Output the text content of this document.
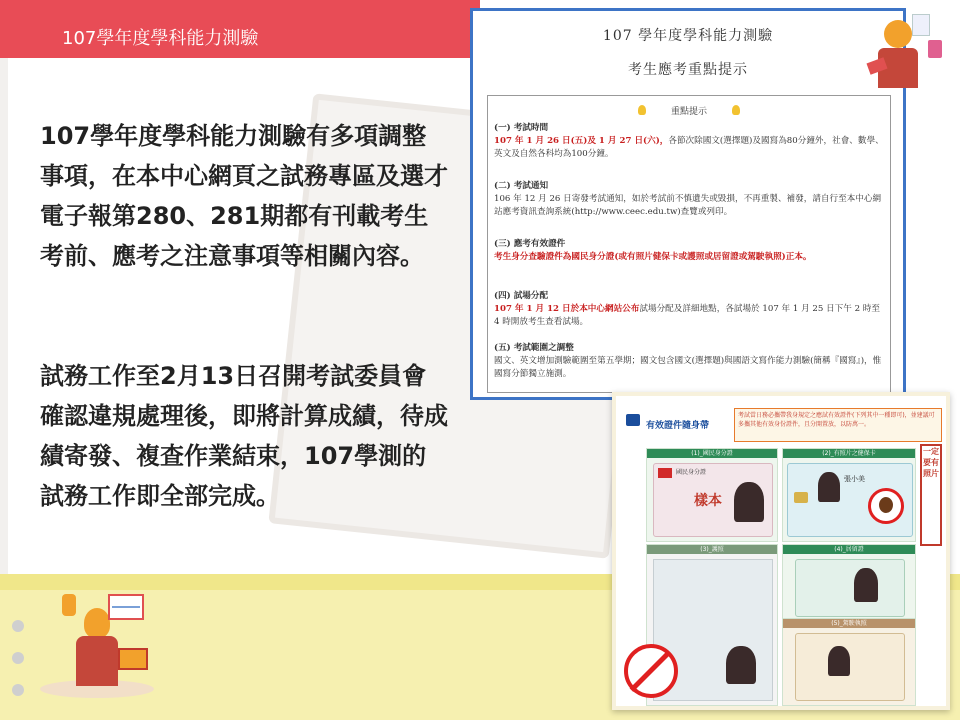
107學年度學科能力測驗
107學年度學科能力測驗有多項調整事項，在本中心網頁之試務專區及選才電子報第280、281期都有刊載考生考前、應考之注意事項等相關內容。
試務工作至2月13日召開考試委員會確認違規處理後，即將計算成績，待成績寄發、複查作業結束，107學測的試務工作即全部完成。
107 學年度學科能力測驗
考生應考重點提示
重點提示
(一) 考試時間
107 年 1 月 26 日(五)及 1 月 27 日(六)，各節次除國文(選擇題)及國寫為80分鐘外，社會、數學、英文及自然各科均為100分鐘。
(二) 考試通知
106 年 12 月 26 日寄發考試通知，如於考試前不慎遺失或毀損，不再重製、補發，請自行至本中心網站應考資訊查詢系統(http://www.ceec.edu.tw)查覽或列印。
(三) 應考有效證件
考生身分查驗證件為國民身分證(或有照片健保卡或護照或居留證或駕駛執照)正本。
(四) 試場分配
107 年 1 月 12 日於本中心網站公布試場分配及詳細地點，各試場於 107 年 1 月 25 日下午 2 時至 4 時開放考生查看試場。
(五) 考試範圍之調整
國文、英文增加測驗範圍至第五學期；國文包含國文(選擇題)與國語文寫作能力測驗(簡稱『國寫』)，惟國寫分節獨立施測。
有效證件隨身帶
考試當日務必攜帶我身規定之應試有效證件(下列其中一種即可)，並建議可多攜其他有效身份證件，且分開置放，以防萬一。
(1)_國民身分證
國民身分證
樣本
(2)_有照片之健保卡
張小美
一定要有照片
(3)_護照	(4)_居留證
(5)_駕駛執照
